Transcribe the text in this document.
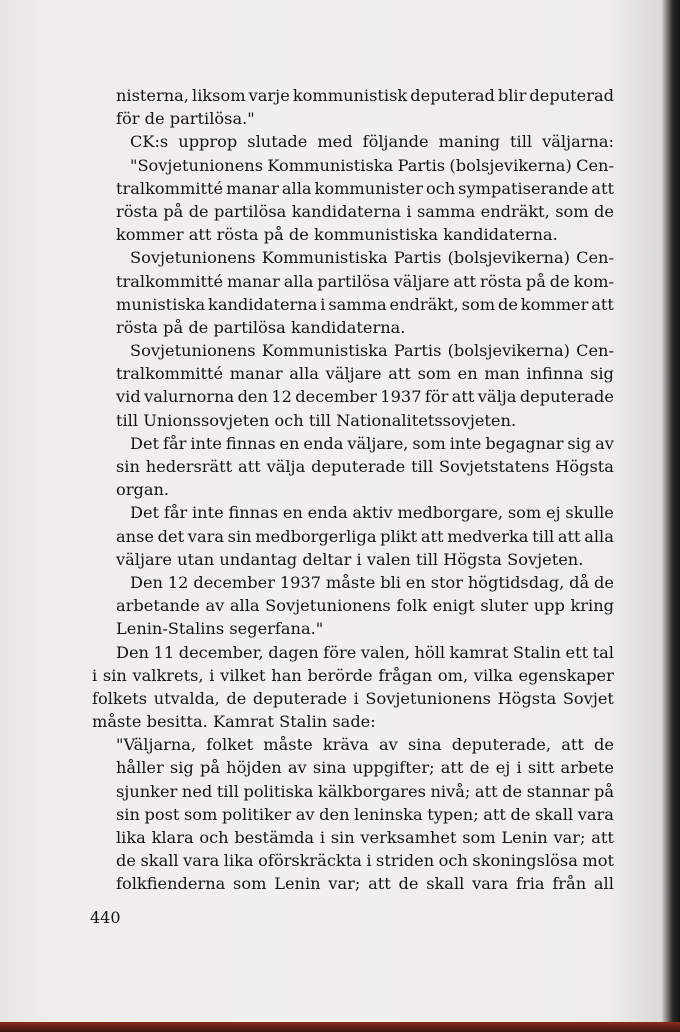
nisterna, liksom varje kommunistisk deputerad blir deputerad
för de partilösa."
CK:s upprop slutade med följande maning till väljarna:
"Sovjetunionens Kommunistiska Partis (bolsjevikerna) Cen-
tralkommitté manar alla kommunister och sympatiserande att
rösta på de partilösa kandidaterna i samma endräkt, som de
kommer att rösta på de kommunistiska kandidaterna.
Sovjetunionens Kommunistiska Partis (bolsjevikerna) Cen-
tralkommitté manar alla partilösa väljare att rösta på de kom-
munistiska kandidaterna i samma endräkt, som de kommer att
rösta på de partilösa kandidaterna.
Sovjetunionens Kommunistiska Partis (bolsjevikerna) Cen-
tralkommitté manar alla väljare att som en man infinna sig
vid valurnorna den 12 december 1937 för att välja deputerade
till Unionssovjeten och till Nationalitetssovjeten.
Det får inte finnas en enda väljare, som inte begagnar sig av
sin hedersrätt att välja deputerade till Sovjetstatens Högsta
organ.
Det får inte finnas en enda aktiv medborgare, som ej skulle
anse det vara sin medborgerliga plikt att medverka till att alla
väljare utan undantag deltar i valen till Högsta Sovjeten.
Den 12 december 1937 måste bli en stor högtidsdag, då de
arbetande av alla Sovjetunionens folk enigt sluter upp kring
Lenin-Stalins segerfana."
Den 11 december, dagen före valen, höll kamrat Stalin ett tal
i sin valkrets, i vilket han berörde frågan om, vilka egenskaper
folkets utvalda, de deputerade i Sovjetunionens Högsta Sovjet
måste besitta. Kamrat Stalin sade:
"Väljarna, folket måste kräva av sina deputerade, att de
håller sig på höjden av sina uppgifter; att de ej i sitt arbete
sjunker ned till politiska kälkborgares nivå; att de stannar på
sin post som politiker av den leninska typen; att de skall vara
lika klara och bestämda i sin verksamhet som Lenin var; att
de skall vara lika oförskräckta i striden och skoningslösa mot
folkfienderna som Lenin var; att de skall vara fria från all
440
